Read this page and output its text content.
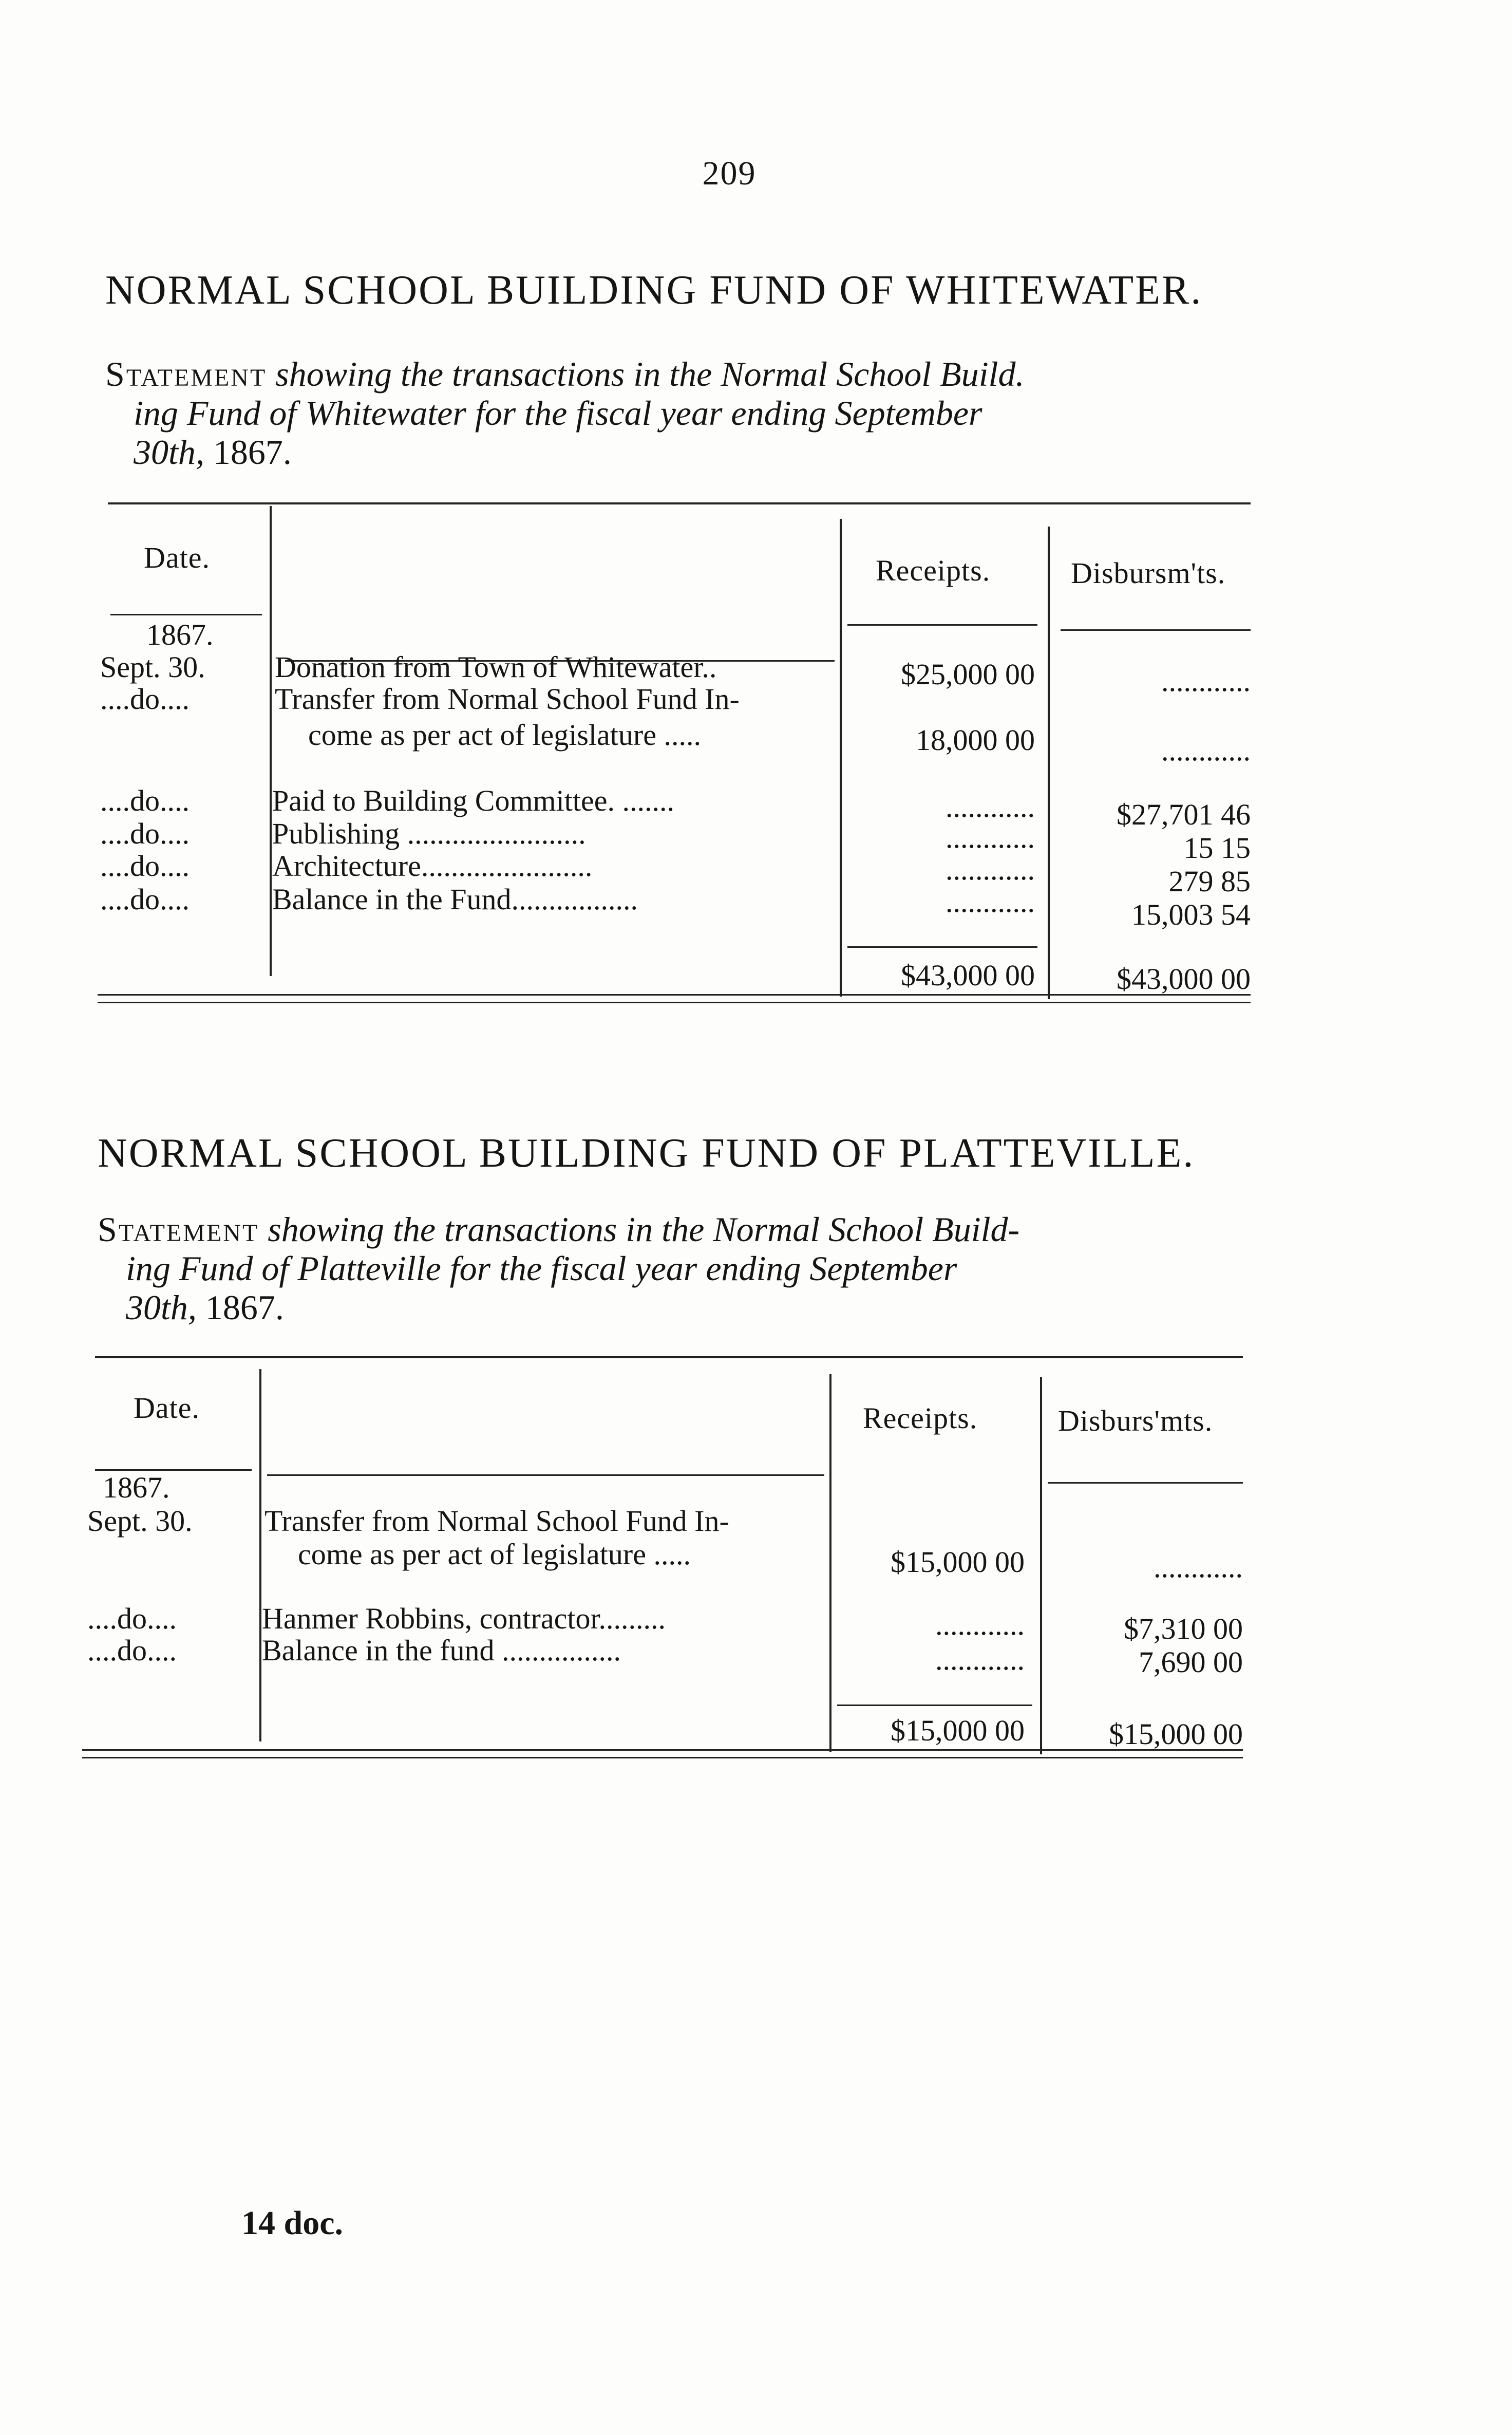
209
NORMAL SCHOOL BUILDING FUND OF WHITEWATER.
Statement showing the transactions in the Normal School Build.
ing Fund of Whitewater for the fiscal year ending September
30th, 1867.
Date.	Receipts.	Disbursm'ts.
1867.
Sept. 30. Donation from Town of Whitewater..	$25,000 00	............
....do....	Transfer from Normal School Fund In-
come as per act of legislature .....	18,000 00	............
....do....	Paid to Building Committee. .......	............	$27,701 46
....do....	Publishing ........................	............	15 15
....do....	Architecture.......................	............	279 85
....do....	Balance in the Fund.................	............	15,003 54
$43,000 00	$43,000 00
NORMAL SCHOOL BUILDING FUND OF PLATTEVILLE.
Statement showing the transactions in the Normal School Build-
ing Fund of Platteville for the fiscal year ending September
30th, 1867.
Date.	Receipts.	Disburs'mts.
1867.
Sept. 30. Transfer from Normal School Fund In-
come as per act of legislature .....	$15,000 00	............
....do....	Hanmer Robbins, contractor.........	............	$7,310 00
....do....	Balance in the fund ................	............	7,690 00
$15,000 00	$15,000 00
14 doc.
